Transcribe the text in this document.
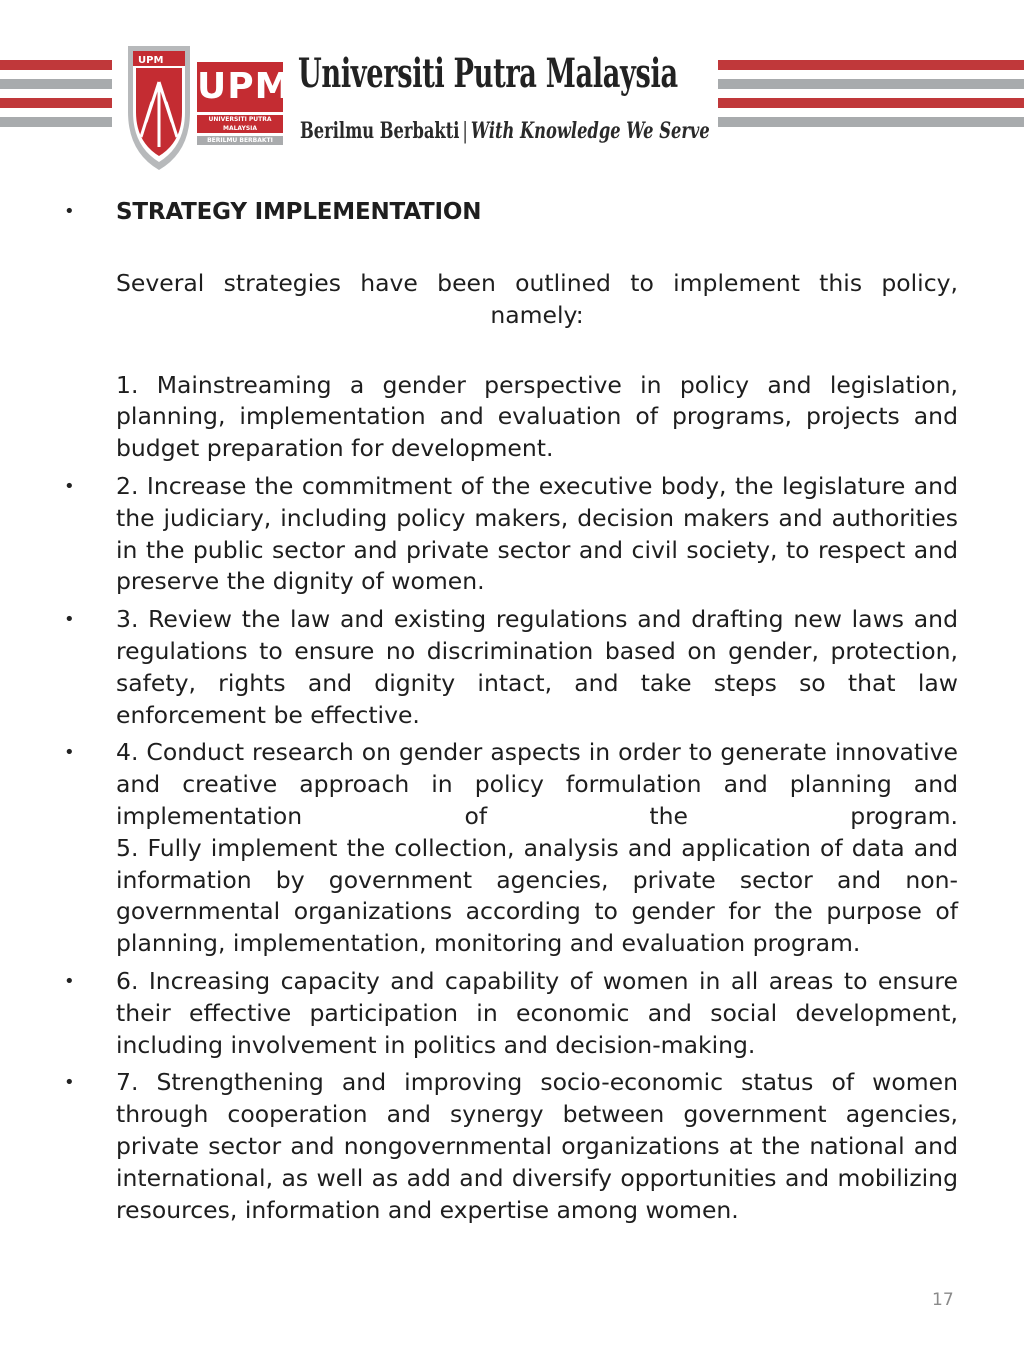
UPM
UPM
UNIVERSITI PUTRA MALAYSIA
BERILMU BERBAKTI
Universiti Putra Malaysia
Berilmu Berbakti | With Knowledge We Serve
• STRATEGY IMPLEMENTATION

Several strategies have been outlined to implement this policy, namely:

1. Mainstreaming a gender perspective in policy and legislation, planning, implementation and evaluation of programs, projects and budget preparation for development.

• 2. Increase the commitment of the executive body, the legislature and the judiciary, including policy makers, decision makers and authorities in the public sector and private sector and civil society, to respect and preserve the dignity of women.

• 3. Review the law and existing regulations and drafting new laws and regulations to ensure no discrimination based on gender, protection, safety, rights and dignity intact, and take steps so that law enforcement be effective.

• 4. Conduct research on gender aspects in order to generate innovative and creative approach in policy formulation and planning and implementation of the program.

5. Fully implement the collection, analysis and application of data and information by government agencies, private sector and non-governmental organizations according to gender for the purpose of planning, implementation, monitoring and evaluation program.

• 6. Increasing capacity and capability of women in all areas to ensure their effective participation in economic and social development, including involvement in politics and decision-making.

• 7. Strengthening and improving socio-economic status of women through cooperation and synergy between government agencies, private sector and nongovernmental organizations at the national and international, as well as add and diversify opportunities and mobilizing resources, information and expertise among women.

17
